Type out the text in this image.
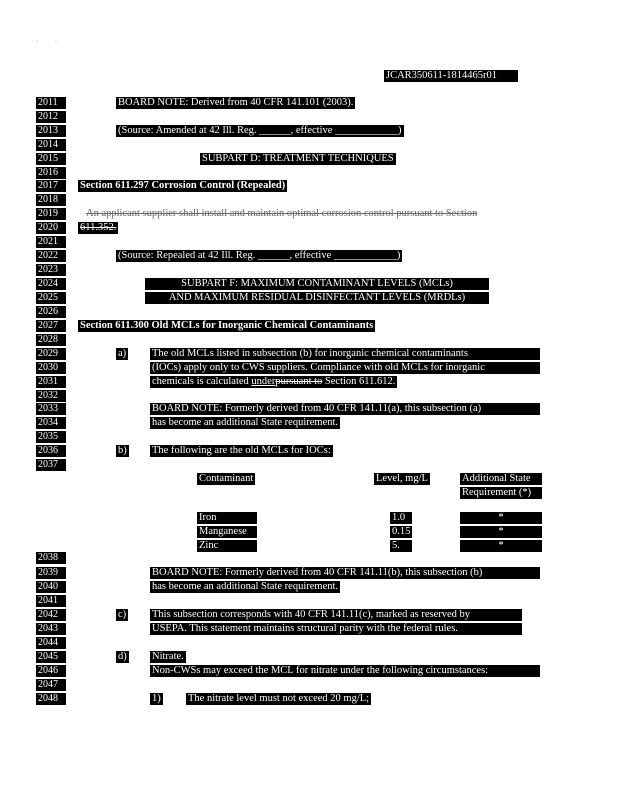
·        ·
JCAR350611-1814465r01
2011
2012
2013
2014
2015
2016
2017
2018
2019
2020
2021
2022
2023
2024
2025
2026
2027
2028
2029
2030
2031
2032
2033
2034
2035
2036
2037
2038
2039
2040
2041
2042
2043
2044
2045
2046
2047
2048
BOARD NOTE: Derived from 40 CFR 141.101 (2003).
(Source: Amended at 42 Ill. Reg. ______, effective ____________)
SUBPART D: TREATMENT TECHNIQUES
Section 611.297 Corrosion Control (Repealed)
An applicant supplier shall install and maintain optimal corrosion control pursuant to Section
611.352.
(Source: Repealed at 42 Ill. Reg. ______, effective ____________)
SUBPART F: MAXIMUM CONTAMINANT LEVELS (MCLs)
AND MAXIMUM RESIDUAL DISINFECTANT LEVELS (MRDLs)
Section 611.300 Old MCLs for Inorganic Chemical Contaminants
a) The old MCLs listed in subsection (b) for inorganic chemical contaminants
(IOCs) apply only to CWS suppliers. Compliance with old MCLs for inorganic
chemicals is calculated underpursuant to Section 611.612.
BOARD NOTE: Formerly derived from 40 CFR 141.11(a), this subsection (a)
has become an additional State requirement.
b) The following are the old MCLs for IOCs:
Contaminant	Level, mg/L	Additional State
Requirement (*)
Iron	1.0	*
Manganese	0.15	*
Zinc	5.	*
BOARD NOTE: Formerly derived from 40 CFR 141.11(b), this subsection (b)
has become an additional State requirement.
c) This subsection corresponds with 40 CFR 141.11(c), marked as reserved by
USEPA. This statement maintains structural parity with the federal rules.
d) Nitrate.
Non-CWSs may exceed the MCL for nitrate under the following circumstances:
1)	The nitrate level must not exceed 20 mg/L;
